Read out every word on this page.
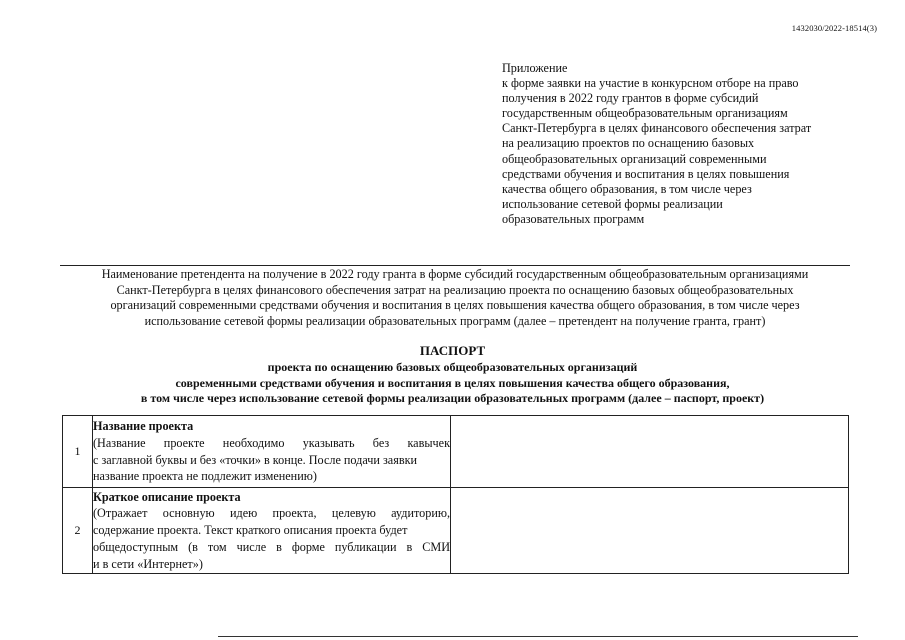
1432030/2022-18514(3)
Приложение
к форме заявки на участие в конкурсном отборе на право
получения в 2022 году грантов в форме субсидий
государственным общеобразовательным организациям
Санкт-Петербурга в целях финансового обеспечения затрат
на реализацию проектов по оснащению базовых
общеобразовательных организаций современными
средствами обучения и воспитания в целях повышения
качества общего образования, в том числе через
использование сетевой формы реализации
образовательных программ
Наименование претендента на получение в 2022 году гранта в форме субсидий государственным общеобразовательным организациями
Санкт-Петербурга в целях финансового обеспечения затрат на реализацию проекта по оснащению базовых общеобразовательных
организаций современными средствами обучения и воспитания в целях повышения качества общего образования, в том числе через
использование сетевой формы реализации образовательных программ (далее – претендент на получение гранта, грант)
ПАСПОРТ
проекта по оснащению базовых общеобразовательных организаций
современными средствами обучения и воспитания в целях повышения качества общего образования,
в том числе через использование сетевой формы реализации образовательных программ (далее – паспорт, проект)
1	Название проекта
(Название проекте необходимо указывать без кавычек
с заглавной буквы и без «точки» в конце. После подачи заявки
название проекта не подлежит изменению)	

2	Краткое описание проекта
(Отражает основную идею проекта, целевую аудиторию,
содержание проекта. Текст краткого описания проекта будет
общедоступным (в том числе в форме публикации в СМИ
и в сети «Интернет»)	
